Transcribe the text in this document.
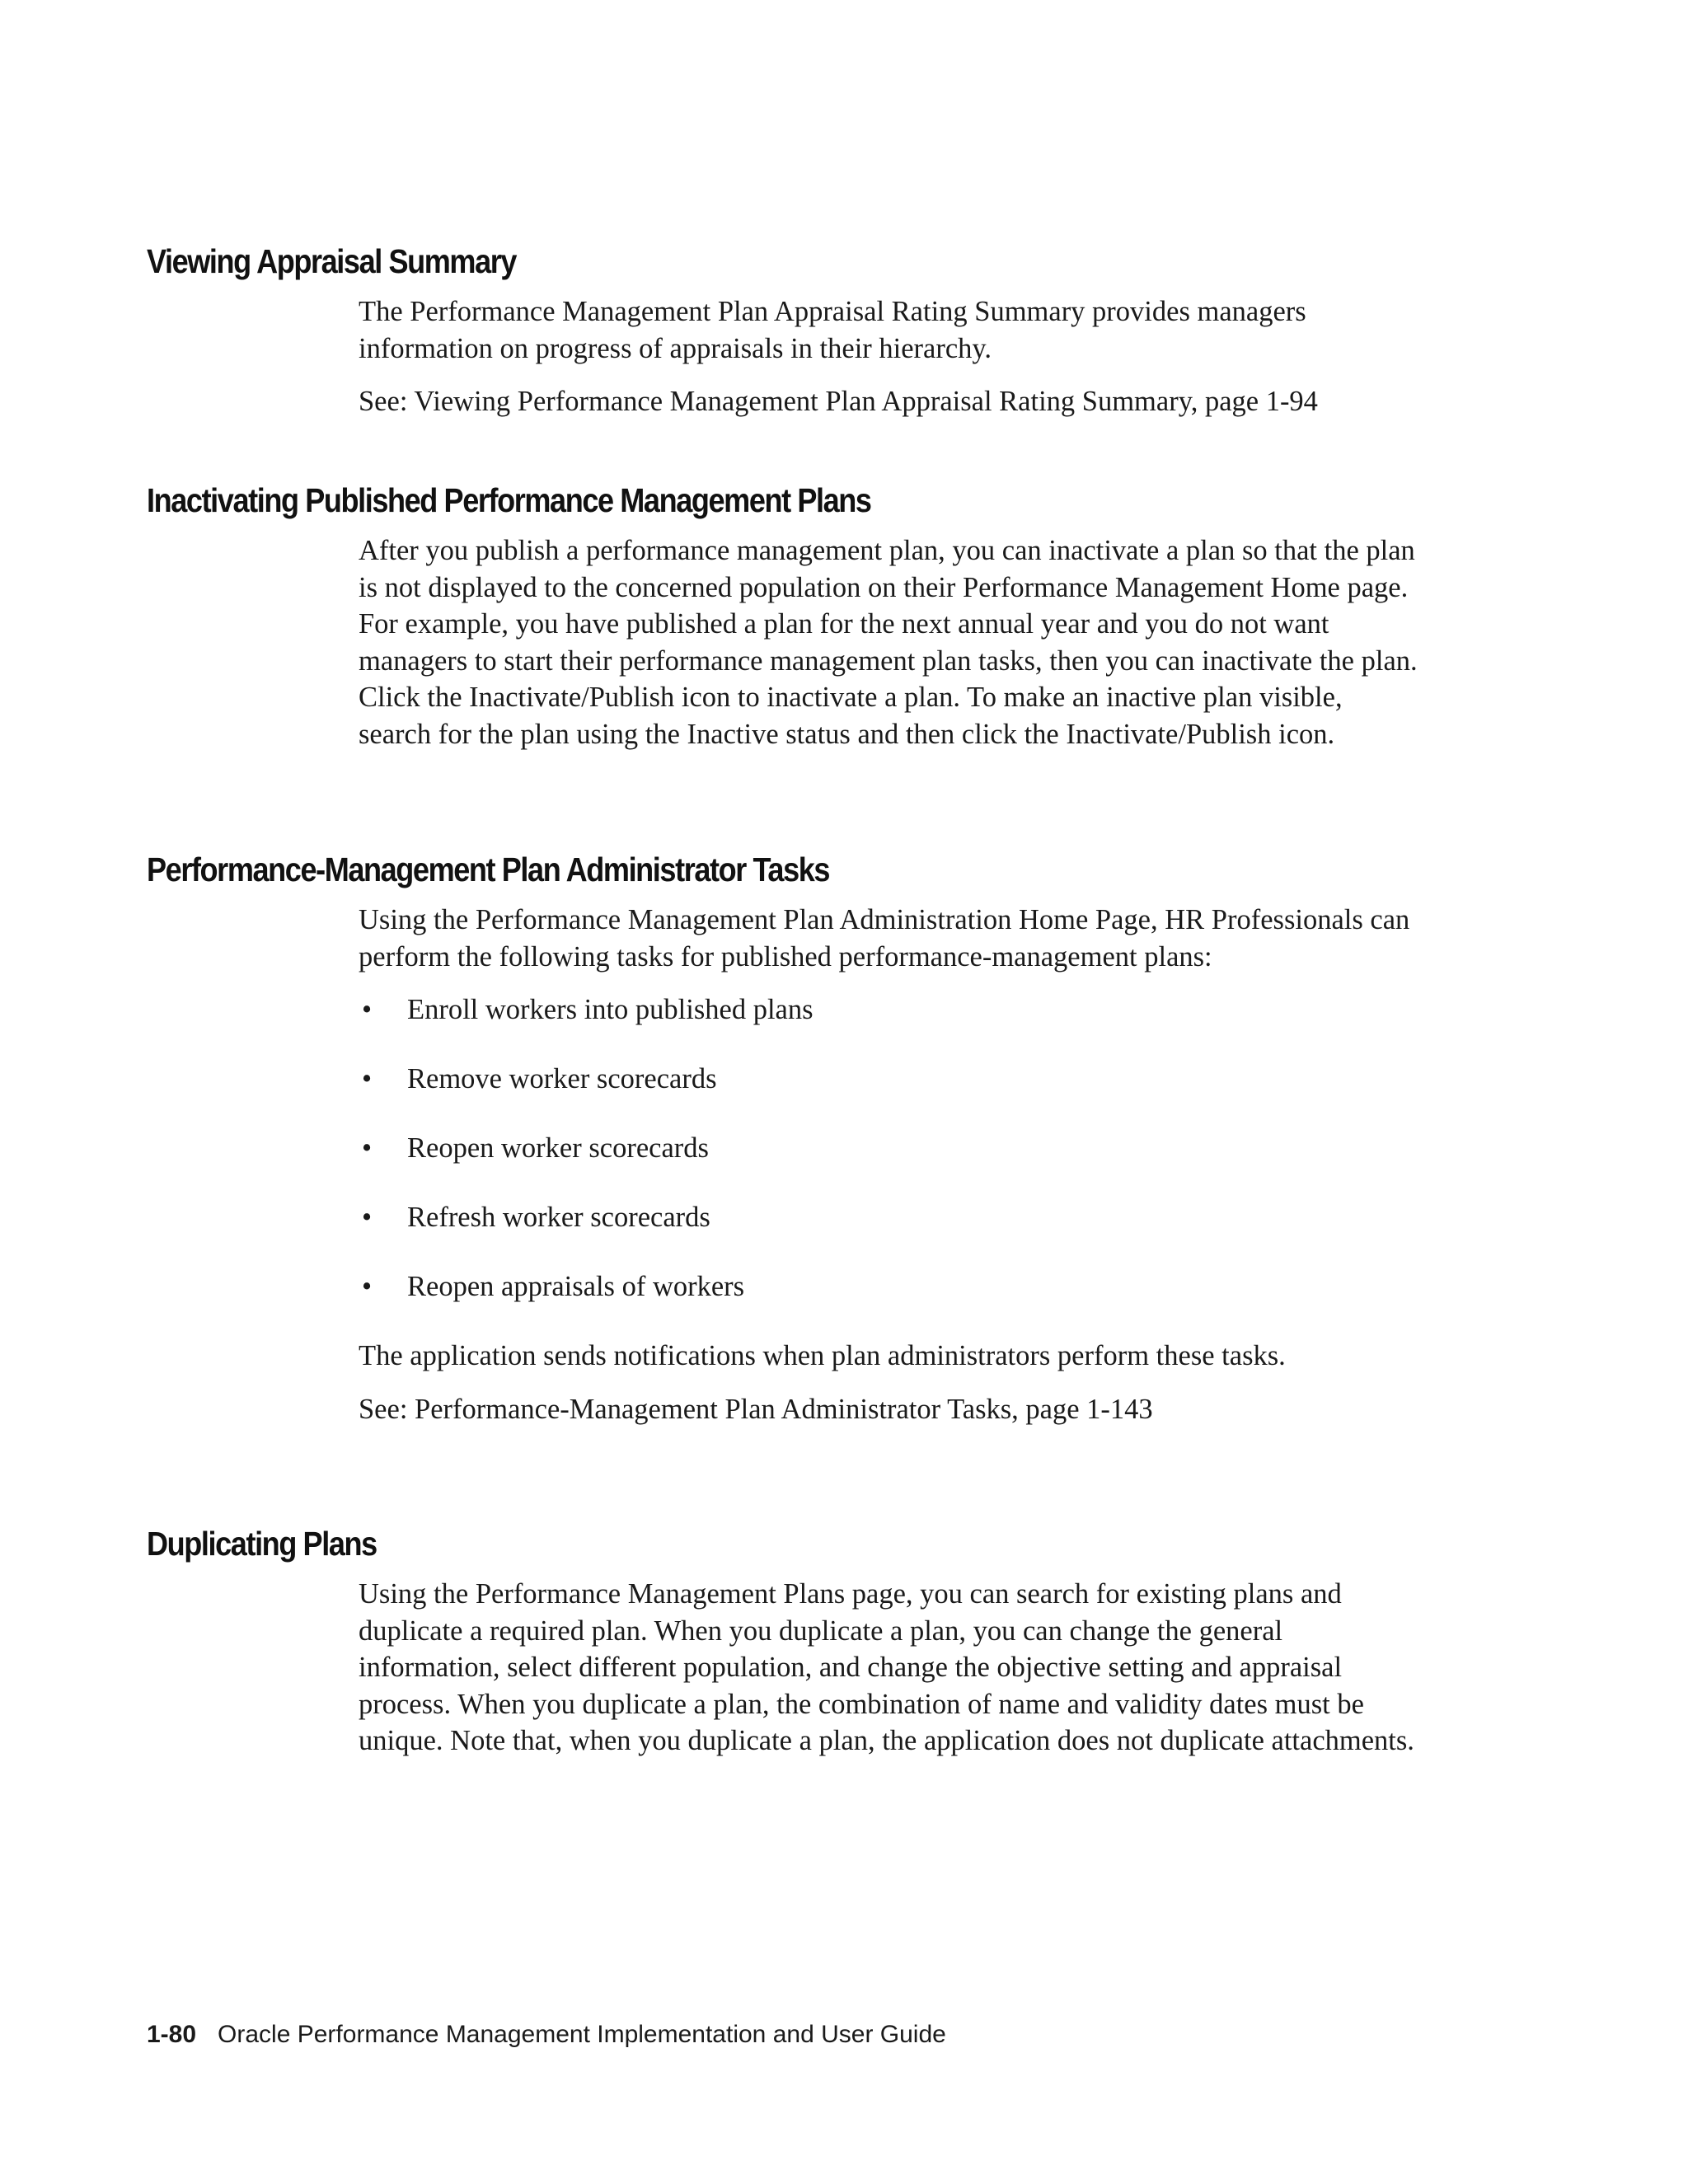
Viewing Appraisal Summary

The Performance Management Plan Appraisal Rating Summary provides managers information on progress of appraisals in their hierarchy.

See: Viewing Performance Management Plan Appraisal Rating Summary, page 1-94

Inactivating Published Performance Management Plans

After you publish a performance management plan, you can inactivate a plan so that the plan is not displayed to the concerned population on their Performance Management Home page. For example, you have published a plan for the next annual year and you do not want managers to start their performance management plan tasks, then you can inactivate the plan. Click the Inactivate/Publish icon to inactivate a plan. To make an inactive plan visible, search for the plan using the Inactive status and then click the Inactivate/Publish icon.

Performance-Management Plan Administrator Tasks

Using the Performance Management Plan Administration Home Page, HR Professionals can perform the following tasks for published performance-management plans:

• Enroll workers into published plans
• Remove worker scorecards
• Reopen worker scorecards
• Refresh worker scorecards
• Reopen appraisals of workers

The application sends notifications when plan administrators perform these tasks.

See: Performance-Management Plan Administrator Tasks, page 1-143

Duplicating Plans

Using the Performance Management Plans page, you can search for existing plans and duplicate a required plan. When you duplicate a plan, you can change the general information, select different population, and change the objective setting and appraisal process. When you duplicate a plan, the combination of name and validity dates must be unique. Note that, when you duplicate a plan, the application does not duplicate attachments.

1-80 Oracle Performance Management Implementation and User Guide
